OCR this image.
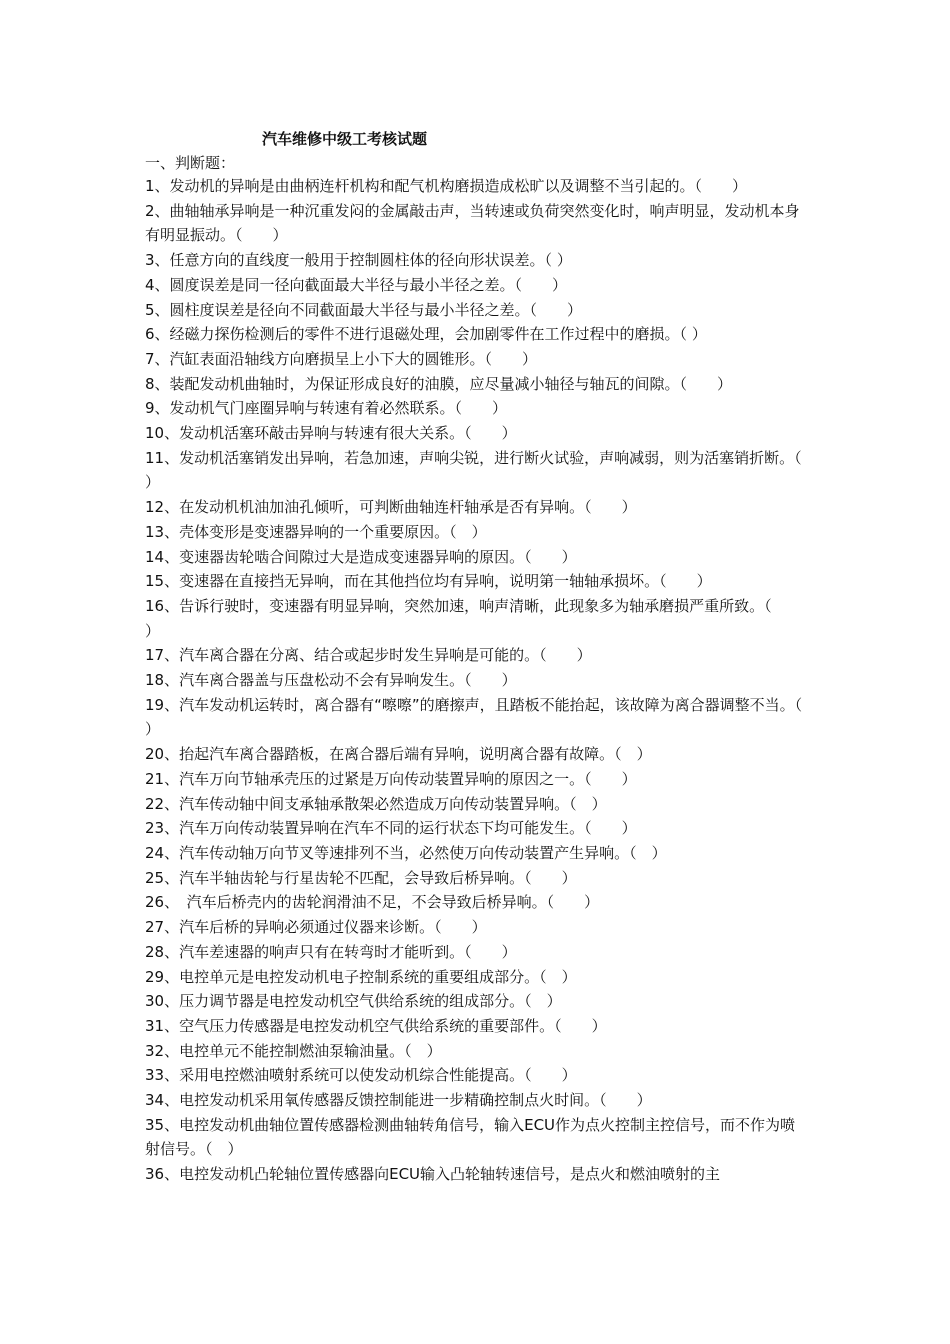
汽车维修中级工考核试题
一、判断题：
1、发动机的异响是由曲柄连杆机构和配气机构磨损造成松旷以及调整不当引起的。（　　）
2、曲轴轴承异响是一种沉重发闷的金属敲击声，当转速或负荷突然变化时，响声明显，发动机本身有明显振动。（　　）
3、任意方向的直线度一般用于控制圆柱体的径向形状误差。（ ）
4、圆度误差是同一径向截面最大半径与最小半径之差。（　　）
5、圆柱度误差是径向不同截面最大半径与最小半径之差。（　　）
6、经磁力探伤检测后的零件不进行退磁处理，会加剧零件在工作过程中的磨损。（ ）
7、汽缸表面沿轴线方向磨损呈上小下大的圆锥形。（　　）
8、装配发动机曲轴时，为保证形成良好的油膜，应尽量减小轴径与轴瓦的间隙。（　　）
9、发动机气门座圈异响与转速有着必然联系。（　　）
10、发动机活塞环敲击异响与转速有很大关系。（　　）
11、发动机活塞销发出异响，若急加速，声响尖锐，进行断火试验，声响减弱，则为活塞销折断。（　　）
12、在发动机机油加油孔倾听，可判断曲轴连杆轴承是否有异响。（　　）
13、壳体变形是变速器异响的一个重要原因。（　）
14、变速器齿轮啮合间隙过大是造成变速器异响的原因。（　　）
15、变速器在直接挡无异响，而在其他挡位均有异响，说明第一轴轴承损坏。（　　）
16、告诉行驶时，变速器有明显异响，突然加速，响声清晰，此现象多为轴承磨损严重所致。（　　）
17、汽车离合器在分离、结合或起步时发生异响是可能的。（　　）
18、汽车离合器盖与压盘松动不会有异响发生。（　　）
19、汽车发动机运转时，离合器有“嚓嚓”的磨擦声，且踏板不能抬起，该故障为离合器调整不当。（　　）
20、抬起汽车离合器踏板，在离合器后端有异响，说明离合器有故障。（　）
21、汽车万向节轴承壳压的过紧是万向传动装置异响的原因之一。（　　）
22、汽车传动轴中间支承轴承散架必然造成万向传动装置异响。（　）
23、汽车万向传动装置异响在汽车不同的运行状态下均可能发生。（　　）
24、汽车传动轴万向节叉等速排列不当，必然使万向传动装置产生异响。（　）
25、汽车半轴齿轮与行星齿轮不匹配，会导致后桥异响。（　　）
26、　汽车后桥壳内的齿轮润滑油不足，不会导致后桥异响。（　　）
27、汽车后桥的异响必须通过仪器来诊断。（　　）
28、汽车差速器的响声只有在转弯时才能听到。（　　）
29、电控单元是电控发动机电子控制系统的重要组成部分。（　）
30、压力调节器是电控发动机空气供给系统的组成部分。（　）
31、空气压力传感器是电控发动机空气供给系统的重要部件。（　　）
32、电控单元不能控制燃油泵输油量。（　）
33、采用电控燃油喷射系统可以使发动机综合性能提高。（　　）
34、电控发动机采用氧传感器反馈控制能进一步精确控制点火时间。（　　）
35、电控发动机曲轴位置传感器检测曲轴转角信号，输入ECU作为点火控制主控信号，而不作为喷射信号。（　）
36、电控发动机凸轮轴位置传感器向ECU输入凸轮轴转速信号，是点火和燃油喷射的主
